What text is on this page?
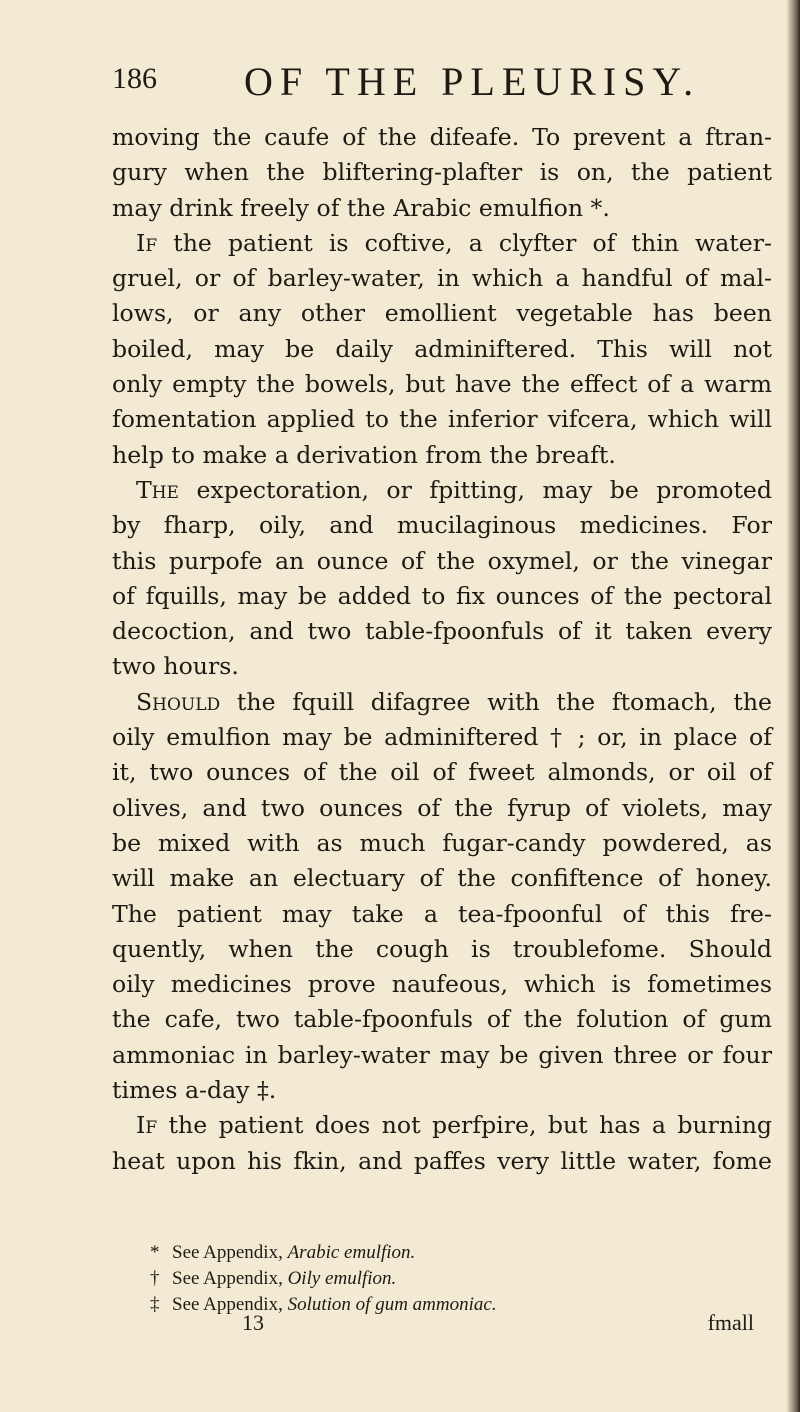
186 OF THE PLEURISY.
moving the caufe of the difeafe. To prevent a ftran-
gury when the bliftering-plafter is on, the patient
may drink freely of the Arabic emulfion *.
If the patient is coftive, a clyfter of thin water-
gruel, or of barley-water, in which a handful of mal-
lows, or any other emollient vegetable has been
boiled, may be daily adminiftered. This will not
only empty the bowels, but have the effect of a warm
fomentation applied to the inferior vifcera, which will
help to make a derivation from the breaft.
The expectoration, or fpitting, may be promoted
by fharp, oily, and mucilaginous medicines. For
this purpofe an ounce of the oxymel, or the vinegar
of fquills, may be added to fix ounces of the pectoral
decoction, and two table-fpoonfuls of it taken every
two hours.
Should the fquill difagree with the ftomach, the
oily emulfion may be adminiftered † ; or, in place of
it, two ounces of the oil of fweet almonds, or oil of
olives, and two ounces of the fyrup of violets, may
be mixed with as much fugar-candy powdered, as
will make an electuary of the confiftence of honey.
The patient may take a tea-fpoonful of this fre-
quently, when the cough is troublefome. Should
oily medicines prove naufeous, which is fometimes
the cafe, two table-fpoonfuls of the folution of gum
ammoniac in barley-water may be given three or four
times a-day ‡.
If the patient does not perfpire, but has a burning
heat upon his fkin, and paffes very little water, fome
* See Appendix, Arabic emulfion.
† See Appendix, Oily emulfion.
‡ See Appendix, Solution of gum ammoniac.
13	fmall
